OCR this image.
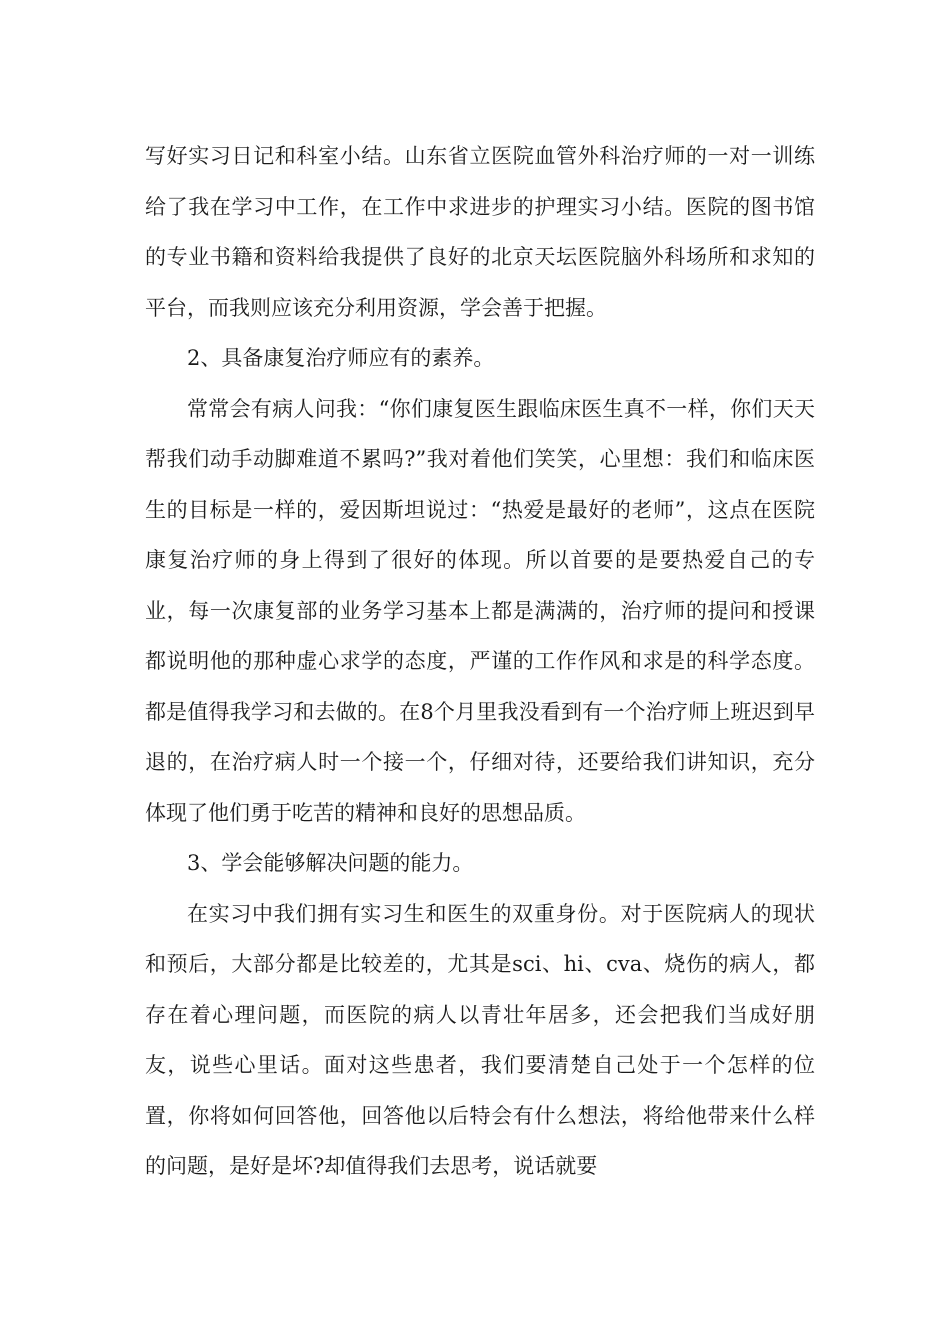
写好实习日记和科室小结。山东省立医院血管外科治疗师的一对一训练给了我在学习中工作，在工作中求进步的护理实习小结。医院的图书馆的专业书籍和资料给我提供了良好的北京天坛医院脑外科场所和求知的平台，而我则应该充分利用资源，学会善于把握。

2、具备康复治疗师应有的素养。

常常会有病人问我：“你们康复医生跟临床医生真不一样，你们天天帮我们动手动脚难道不累吗?”我对着他们笑笑，心里想：我们和临床医生的目标是一样的，爱因斯坦说过：“热爱是最好的老师”，这点在医院康复治疗师的身上得到了很好的体现。所以首要的是要热爱自己的专业，每一次康复部的业务学习基本上都是满满的，治疗师的提问和授课都说明他的那种虚心求学的态度，严谨的工作作风和求是的科学态度。都是值得我学习和去做的。在8个月里我没看到有一个治疗师上班迟到早退的，在治疗病人时一个接一个，仔细对待，还要给我们讲知识，充分体现了他们勇于吃苦的精神和良好的思想品质。

3、学会能够解决问题的能力。

在实习中我们拥有实习生和医生的双重身份。对于医院病人的现状和预后，大部分都是比较差的，尤其是sci、hi、cva、烧伤的病人，都存在着心理问题，而医院的病人以青壮年居多，还会把我们当成好朋友，说些心里话。面对这些患者，我们要清楚自己处于一个怎样的位置，你将如何回答他，回答他以后特会有什么想法，将给他带来什么样的问题，是好是坏?却值得我们去思考，说话就要
